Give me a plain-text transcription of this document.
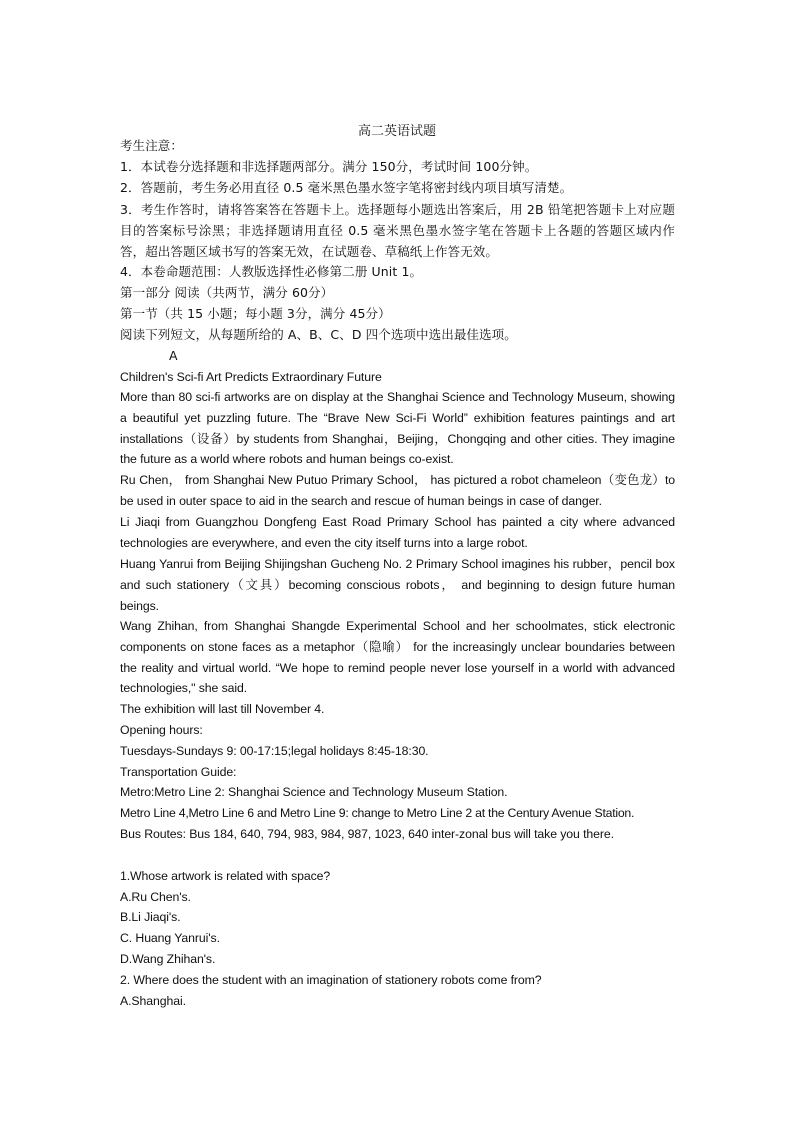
高二英语试题
考生注意：
1．本试卷分选择题和非选择题两部分。满分 150分，考试时间 100分钟。
2．答题前，考生务必用直径 0.5 毫米黑色墨水签字笔将密封线内项目填写清楚。
3．考生作答时，请将答案答在答题卡上。选择题每小题选出答案后，用 2B 铅笔把答题卡上对应题目的答案标号涂黑；非选择题请用直径 0.5 毫米黑色墨水签字笔在答题卡上各题的答题区域内作答，超出答题区域书写的答案无效，在试题卷、草稿纸上作答无效。
4．本卷命题范围：人教版选择性必修第二册 Unit 1。
第一部分 阅读（共两节，满分 60分）
第一节（共 15 小题；每小题 3分，满分 45分）
阅读下列短文，从每题所给的 A、B、C、D 四个选项中选出最佳选项。
A
Children's Sci-fi Art Predicts Extraordinary Future
More than 80 sci-fi artworks are on display at the Shanghai Science and Technology Museum, showing a beautiful yet puzzling future. The “Brave New Sci-Fi World” exhibition features paintings and art installations（设备）by students from Shanghai，Beijing，Chongqing and other cities. They imagine the future as a world where robots and human beings co-exist.
Ru Chen， from Shanghai New Putuo Primary School， has pictured a robot chameleon（变色龙）to be used in outer space to aid in the search and rescue of human beings in case of danger.
Li Jiaqi from Guangzhou Dongfeng East Road Primary School has painted a city where advanced technologies are everywhere, and even the city itself turns into a large robot.
Huang Yanrui from Beijing Shijingshan Gucheng No. 2 Primary School imagines his rubber，pencil box and such stationery（文具）becoming conscious robots， and beginning to design future human beings.
Wang Zhihan, from Shanghai Shangde Experimental School and her schoolmates, stick electronic components on stone faces as a metaphor（隐喻） for the increasingly unclear boundaries between the reality and virtual world. “We hope to remind people never lose yourself in a world with advanced technologies," she said.
The exhibition will last till November 4.
Opening hours:
Tuesdays-Sundays 9: 00-17:15;legal holidays 8:45-18:30.
Transportation Guide:
Metro:Metro Line 2: Shanghai Science and Technology Museum Station.
Metro Line 4,Metro Line 6 and Metro Line 9: change to Metro Line 2 at the Century Avenue Station.
Bus Routes: Bus 184, 640, 794, 983, 984, 987, 1023, 640 inter-zonal bus will take you there.
1.Whose artwork is related with space?
A.Ru Chen's.
B.Li Jiaqi's.
C. Huang Yanrui's.
D.Wang Zhihan's.
2. Where does the student with an imagination of stationery robots come from?
A.Shanghai.
